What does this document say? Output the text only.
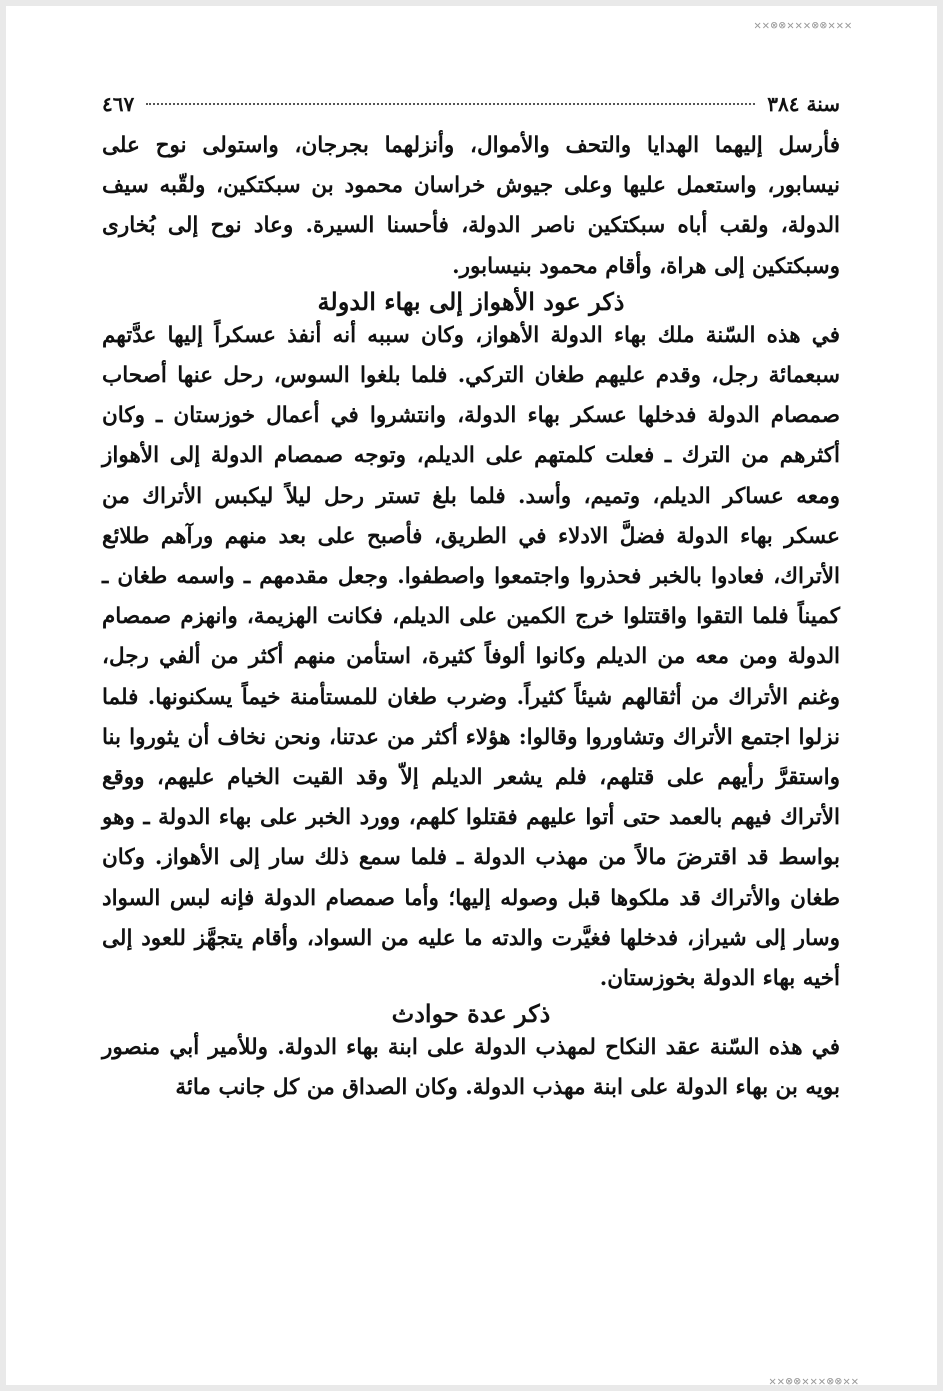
✕✕⊗⊗✕✕✕⊗⊗✕✕✕
✕✕⊗⊗✕✕✕⊗⊗✕✕
سنة ٣٨٤
٤٦٧

فأرسل إليهما الهدايا والتحف والأموال، وأنزلهما بجرجان، واستولى نوح على نيسابور، واستعمل عليها وعلى جيوش خراسان محمود بن سبكتكين، ولقّبه سيف الدولة، ولقب أباه سبكتكين ناصر الدولة، فأحسنا السيرة. وعاد نوح إلى بُخارى وسبكتكين إلى هراة، وأقام محمود بنيسابور.

ذكر عود الأهواز إلى بهاء الدولة

في هذه السّنة ملك بهاء الدولة الأهواز، وكان سببه أنه أنفذ عسكراً إليها عدَّتهم سبعمائة رجل، وقدم عليهم طغان التركي. فلما بلغوا السوس، رحل عنها أصحاب صمصام الدولة فدخلها عسكر بهاء الدولة، وانتشروا في أعمال خوزستان ـ وكان أكثرهم من الترك ـ فعلت كلمتهم على الديلم، وتوجه صمصام الدولة إلى الأهواز ومعه عساكر الديلم، وتميم، وأسد. فلما بلغ تستر رحل ليلاً ليكبس الأتراك من عسكر بهاء الدولة فضلَّ الادلاء في الطريق، فأصبح على بعد منهم ورآهم طلائع الأتراك، فعادوا بالخبر فحذروا واجتمعوا واصطفوا. وجعل مقدمهم ـ واسمه طغان ـ كميناً فلما التقوا واقتتلوا خرج الكمين على الديلم، فكانت الهزيمة، وانهزم صمصام الدولة ومن معه من الديلم وكانوا ألوفاً كثيرة، استأمن منهم أكثر من ألفي رجل، وغنم الأتراك من أثقالهم شيئاً كثيراً. وضرب طغان للمستأمنة خيماً يسكنونها. فلما نزلوا اجتمع الأتراك وتشاوروا وقالوا: هؤلاء أكثر من عدتنا، ونحن نخاف أن يثوروا بنا واستقرَّ رأيهم على قتلهم، فلم يشعر الديلم إلاّ وقد القيت الخيام عليهم، ووقع الأتراك فيهم بالعمد حتى أتوا عليهم فقتلوا كلهم، وورد الخبر على بهاء الدولة ـ وهو بواسط قد اقترضَ مالاً من مهذب الدولة ـ فلما سمع ذلك سار إلى الأهواز. وكان طغان والأتراك قد ملكوها قبل وصوله إليها؛ وأما صمصام الدولة فإنه لبس السواد وسار إلى شيراز، فدخلها فغيَّرت والدته ما عليه من السواد، وأقام يتجهَّز للعود إلى أخيه بهاء الدولة بخوزستان.

ذكر عدة حوادث

في هذه السّنة عقد النكاح لمهذب الدولة على ابنة بهاء الدولة. وللأمير أبي منصور بويه بن بهاء الدولة على ابنة مهذب الدولة. وكان الصداق من كل جانب مائة
